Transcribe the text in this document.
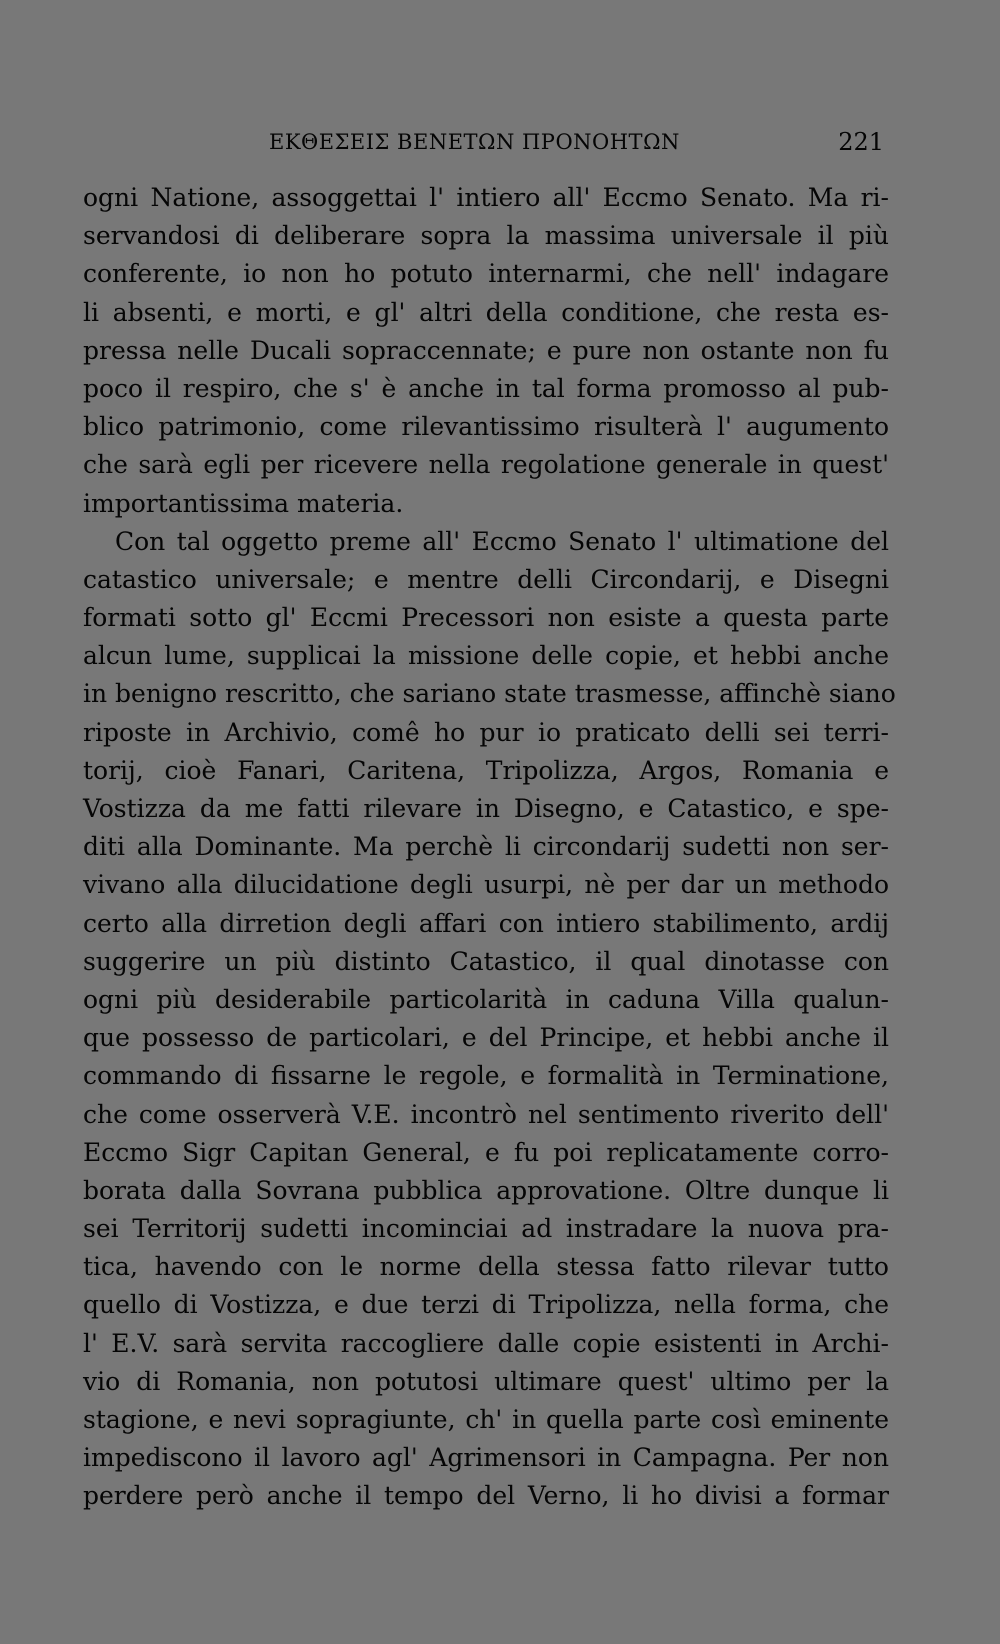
ΕΚΘΕΣΕΙΣ ΒΕΝΕΤΩΝ ΠΡΟΝΟΗΤΩΝ	221
ogni Natione, assoggettai l' intiero all' Eccmo Senato. Ma ri-
servandosi di deliberare sopra la massima universale il più
conferente, io non ho potuto internarmi, che nell' indagare
li absenti, e morti, e gl' altri della conditione, che resta es-
pressa nelle Ducali sopraccennate; e pure non ostante non fu
poco il respiro, che s' è anche in tal forma promosso al pub-
blico patrimonio, come rilevantissimo risulterà l' augumento
che sarà egli per ricevere nella regolatione generale in quest'
importantissima materia.
Con tal oggetto preme all' Eccmo Senato l' ultimatione del
catastico universale; e mentre delli Circondarij, e Disegni
formati sotto gl' Eccmi Precessori non esiste a questa parte
alcun lume, supplicai la missione delle copie, et hebbi anche
in benigno rescritto, che sariano state trasmesse, affinchè siano
riposte in Archivio, comê ho pur io praticato delli sei terri-
torij, cioè Fanari, Caritena, Tripolizza, Argos, Romania e
Vostizza da me fatti rilevare in Disegno, e Catastico, e spe-
diti alla Dominante. Ma perchè li circondarij sudetti non ser-
vivano alla dilucidatione degli usurpi, nè per dar un methodo
certo alla dirretion degli affari con intiero stabilimento, ardij
suggerire un più distinto Catastico, il qual dinotasse con
ogni più desiderabile particolarità in caduna Villa qualun-
que possesso de particolari, e del Principe, et hebbi anche il
commando di fissarne le regole, e formalità in Terminatione,
che come osserverà V.E. incontrò nel sentimento riverito dell'
Eccmo Sigr Capitan General, e fu poi replicatamente corro-
borata dalla Sovrana pubblica approvatione. Oltre dunque li
sei Territorij sudetti incominciai ad instradare la nuova pra-
tica, havendo con le norme della stessa fatto rilevar tutto
quello di Vostizza, e due terzi di Tripolizza, nella forma, che
l' E.V. sarà servita raccogliere dalle copie esistenti in Archi-
vio di Romania, non potutosi ultimare quest' ultimo per la
stagione, e nevi sopragiunte, ch' in quella parte così eminente
impediscono il lavoro agl' Agrimensori in Campagna. Per non
perdere però anche il tempo del Verno, li ho divisi a formar
